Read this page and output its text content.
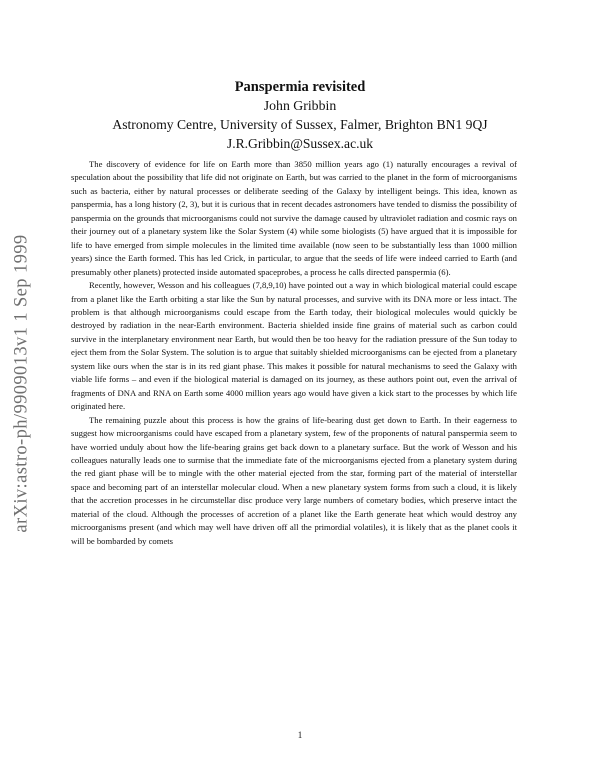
arXiv:astro-ph/9909013v1 1 Sep 1999
Panspermia revisited

John Gribbin

Astronomy Centre, University of Sussex, Falmer, Brighton BN1 9QJ

J.R.Gribbin@Sussex.ac.uk

The discovery of evidence for life on Earth more than 3850 million years ago (1) naturally encourages a revival of speculation about the possibility that life did not originate on Earth, but was carried to the planet in the form of microorganisms such as bacteria, either by natural processes or deliberate seeding of the Galaxy by intelligent beings. This idea, known as panspermia, has a long history (2, 3), but it is curious that in recent decades astronomers have tended to dismiss the possibility of panspermia on the grounds that microorganisms could not survive the damage caused by ultraviolet radiation and cosmic rays on their journey out of a planetary system like the Solar System (4) while some biologists (5) have argued that it is impossible for life to have emerged from simple molecules in the limited time available (now seen to be substantially less than 1000 million years) since the Earth formed. This has led Crick, in particular, to argue that the seeds of life were indeed carried to Earth (and presumably other planets) protected inside automated spaceprobes, a process he calls directed panspermia (6).

Recently, however, Wesson and his colleagues (7,8,9,10) have pointed out a way in which biological material could escape from a planet like the Earth orbiting a star like the Sun by natural processes, and survive with its DNA more or less intact. The problem is that although microorganisms could escape from the Earth today, their biological molecules would quickly be destroyed by radiation in the near-Earth environment. Bacteria shielded inside fine grains of material such as carbon could survive in the interplanetary environment near Earth, but would then be too heavy for the radiation pressure of the Sun today to eject them from the Solar System. The solution is to argue that suitably shielded microorganisms can be ejected from a planetary system like ours when the star is in its red giant phase. This makes it possible for natural mechanisms to seed the Galaxy with viable life forms – and even if the biological material is damaged on its journey, as these authors point out, even the arrival of fragments of DNA and RNA on Earth some 4000 million years ago would have given a kick start to the processes by which life originated here.

The remaining puzzle about this process is how the grains of life-bearing dust get down to Earth. In their eagerness to suggest how microorganisms could have escaped from a planetary system, few of the proponents of natural panspermia seem to have worried unduly about how the life-bearing grains get back down to a planetary surface. But the work of Wesson and his colleagues naturally leads one to surmise that the immediate fate of the microorganisms ejected from a planetary system during the red giant phase will be to mingle with the other material ejected from the star, forming part of the material of interstellar space and becoming part of an interstellar molecular cloud. When a new planetary system forms from such a cloud, it is likely that the accretion processes in he circumstellar disc produce very large numbers of cometary bodies, which preserve intact the material of the cloud. Although the processes of accretion of a planet like the Earth generate heat which would destroy any microorganisms present (and which may well have driven off all the primordial volatiles), it is likely that as the planet cools it will be bombarded by comets

1
